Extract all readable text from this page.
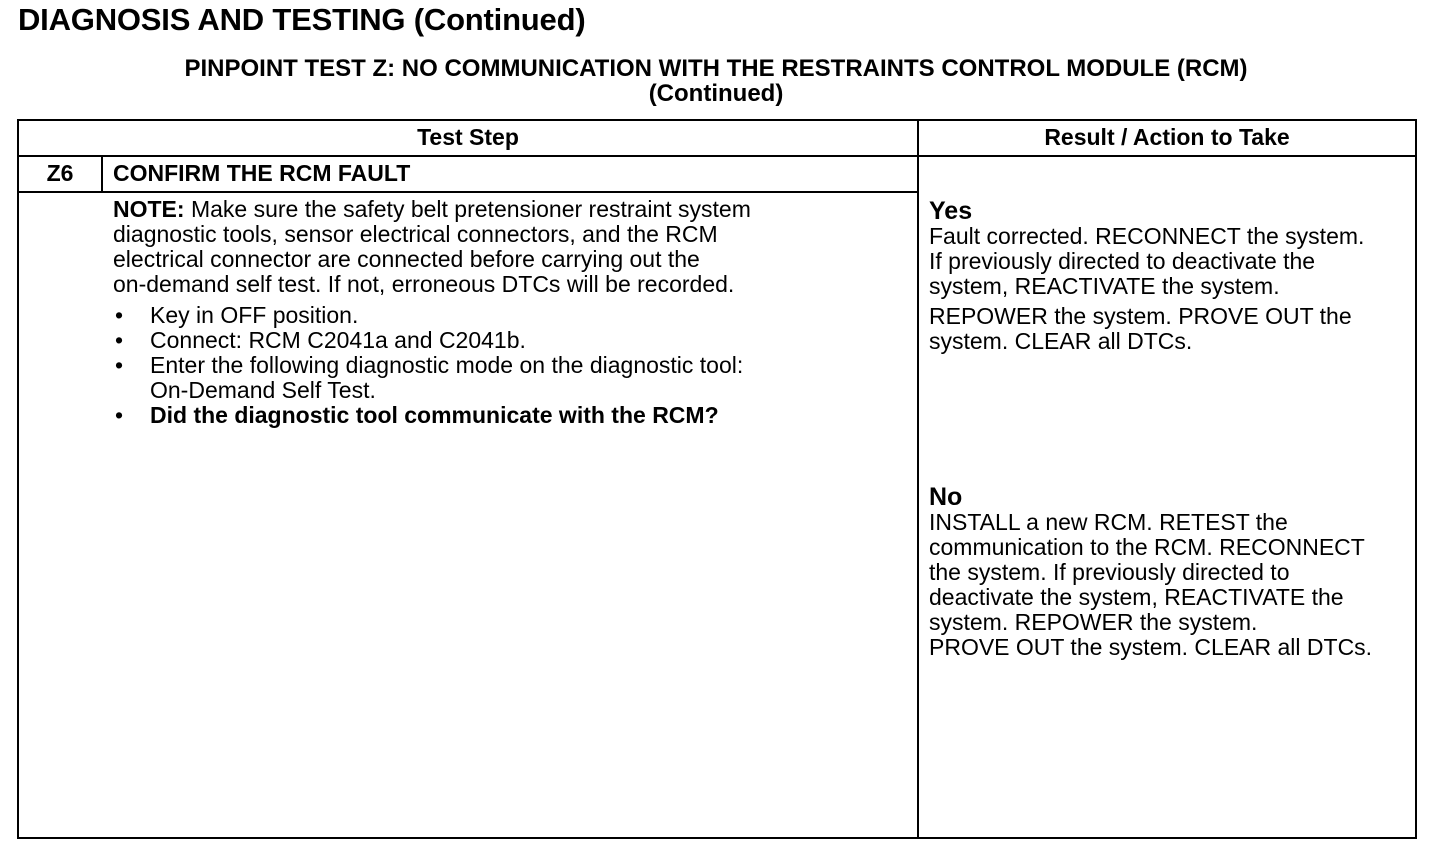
DIAGNOSIS AND TESTING (Continued)
PINPOINT TEST Z: NO COMMUNICATION WITH THE RESTRAINTS CONTROL MODULE (RCM)
(Continued)
Test Step	Result / Action to Take
Z6	CONFIRM THE RCM FAULT
NOTE: Make sure the safety belt pretensioner restraint system
diagnostic tools, sensor electrical connectors, and the RCM
electrical connector are connected before carrying out the
on-demand self test. If not, erroneous DTCs will be recorded.
• Key in OFF position.
• Connect: RCM C2041a and C2041b.
• Enter the following diagnostic mode on the diagnostic tool:
On-Demand Self Test.
• Did the diagnostic tool communicate with the RCM?
Yes
Fault corrected. RECONNECT the system.
If previously directed to deactivate the
system, REACTIVATE the system.
REPOWER the system. PROVE OUT the
system. CLEAR all DTCs.
No
INSTALL a new RCM. RETEST the
communication to the RCM. RECONNECT
the system. If previously directed to
deactivate the system, REACTIVATE the
system. REPOWER the system.
PROVE OUT the system. CLEAR all DTCs.
